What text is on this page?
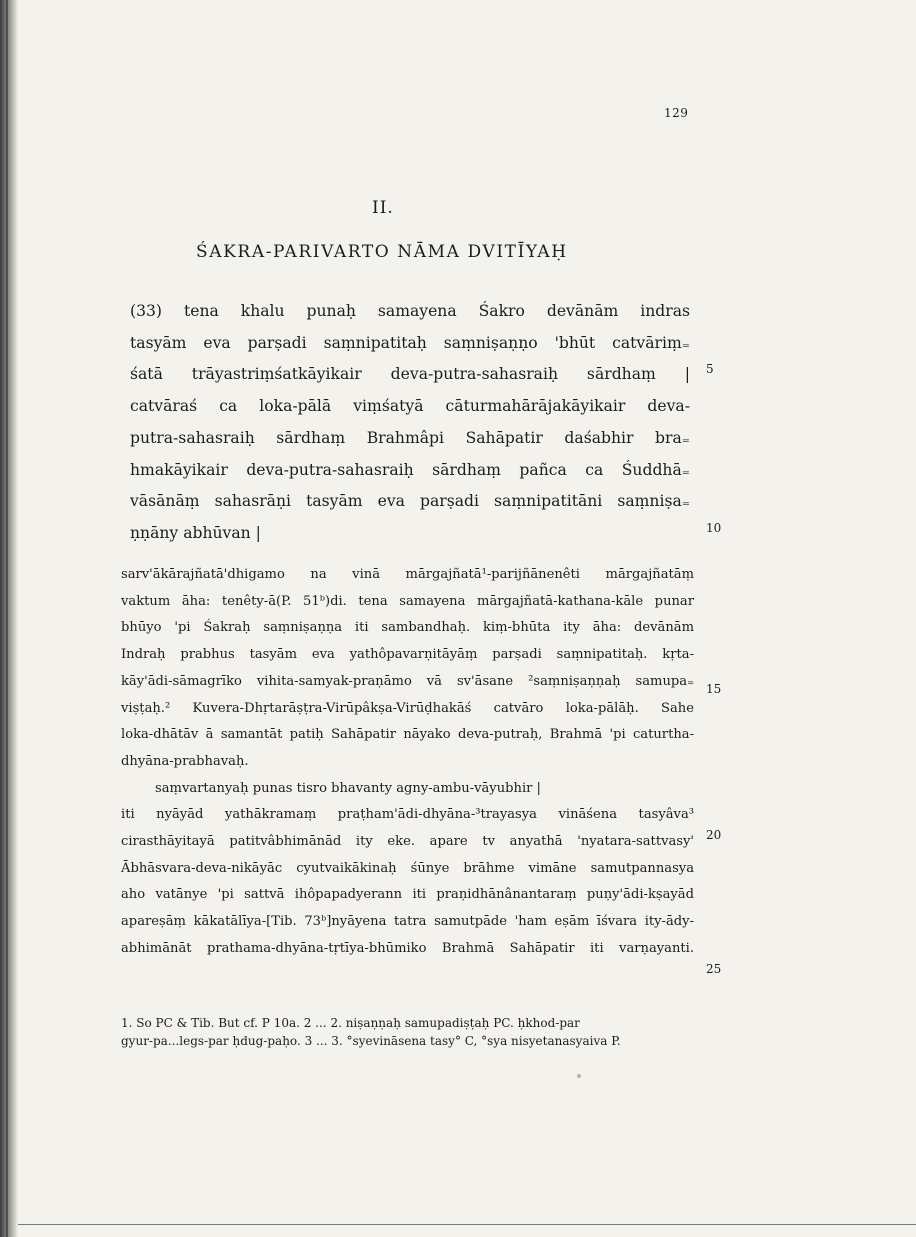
129
II.
ŚAKRA-PARIVARTO NĀMA DVITĪYAḤ
(33) tena khalu punaḥ samayena Śakro devānām indras
tasyām eva parṣadi saṃnipatitaḥ saṃniṣaṇṇo 'bhūt catvāriṃ₌
śatā trāyastriṃśatkāyikair deva-putra-sahasraiḥ sārdhaṃ |
catvāraś ca loka-pālā viṃśatyā cāturmahārājakāyikair deva-
putra-sahasraiḥ sārdhaṃ Brahmâpi Sahāpatir daśabhir bra₌
hmakāyikair deva-putra-sahasraiḥ sārdhaṃ pañca ca Śuddhā₌
vāsānāṃ sahasrāṇi tasyām eva parṣadi saṃnipatitāni saṃniṣa₌
ṇṇāny abhūvan |
5
10
15
20
25
sarv'ākārajñatā'dhigamo na vinā mārgajñatā¹-parijñānenêti mārgajñatāṃ
vaktum āha: tenêty-ā(P. 51ᵇ)di. tena samayena mārgajñatā-kathana-kāle punar
bhūyo 'pi Śakraḥ saṃniṣaṇṇa iti sambandhaḥ. kiṃ-bhūta ity āha: devānām
Indraḥ prabhus tasyām eva yathôpavarṇitāyāṃ parṣadi saṃnipatitaḥ. kṛta-
kāy'ādi-sāmagrīko vihita-samyak-praṇāmo vā sv'āsane ²saṃniṣaṇṇaḥ samupa₌
viṣṭaḥ.² Kuvera-Dhṛtarāṣṭra-Virūpâkṣa-Virūḍhakāś catvāro loka-pālāḥ. Sahe
loka-dhātāv ā samantāt patiḥ Sahāpatir nāyako deva-putraḥ, Brahmā 'pi caturtha-
dhyāna-prabhavaḥ.
saṃvartanyaḥ punas tisro bhavanty agny-ambu-vāyubhir |
iti nyāyād yathākramaṃ praṭham'ādi-dhyāna-³trayasya vināśena tasyâva³
cirasthāyitayā patitvâbhimānād ity eke. apare tv anyathā 'nyatara-sattvasy'
Ābhāsvara-deva-nikāyāc cyutvaikākinaḥ śūnye brāhme vimāne samutpannasya
aho vatānye 'pi sattvā ihôpapadyerann iti praṇidhānânantaraṃ puṇy'ādi-kṣayād
apareṣāṃ kākatālīya-[Tib. 73ᵇ]nyāyena tatra samutpāde 'ham eṣām īśvara ity-ādy-
abhimānāt prathama-dhyāna-tṛtīya-bhūmiko Brahmā Sahāpatir iti varṇayanti.
1. So PC & Tib. But cf. P 10a. 2 ... 2. niṣaṇṇaḥ samupadiṣṭaḥ PC. ḥkhod-par
gyur-pa...legs-par ḥdug-paḥo. 3 ... 3. °syevināsena tasy° C, °sya nisyetanasyaiva P.
